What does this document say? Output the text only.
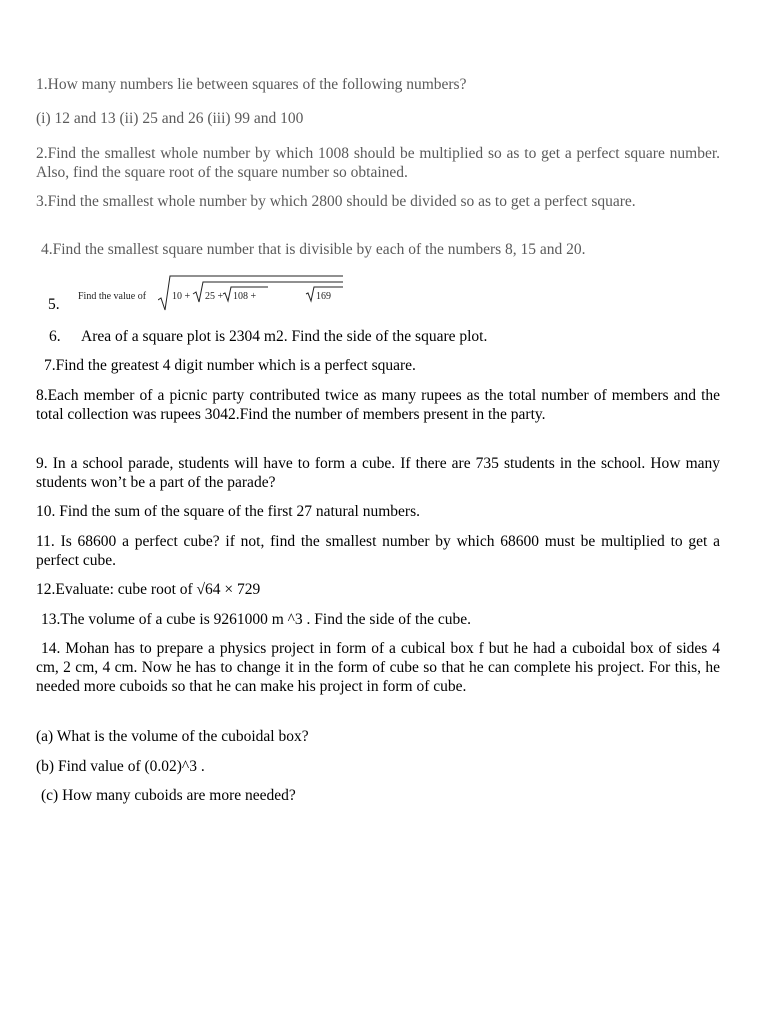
1.How many numbers lie between squares of the following numbers?

(i) 12 and 13 (ii) 25 and 26 (iii) 99 and 100

2.Find the smallest whole number by which 1008 should be multiplied so as to get a perfect square number. Also, find the square root of the square number so obtained.

3.Find the smallest whole number by which 2800 should be divided so as to get a perfect square.

4.Find the smallest square number that is divisible by each of the numbers 8, 15 and 20.

5. Find the value of	10 + 25 + 108 +	169
6. Area of a square plot is 2304 m2. Find the side of the square plot.

7.Find the greatest 4 digit number which is a perfect square.

8.Each member of a picnic party contributed twice as many rupees as the total number of members and the total collection was rupees 3042.Find the number of members present in the party.

9. In a school parade, students will have to form a cube. If there are 735 students in the school. How many students won’t be a part of the parade?

10. Find the sum of the square of the first 27 natural numbers.

11. Is 68600 a perfect cube? if not, find the smallest number by which 68600 must be multiplied to get a perfect cube.

12.Evaluate: cube root of √64 × 729

13.The volume of a cube is 9261000 m ^3 . Find the side of the cube.

14. Mohan has to prepare a physics project in form of a cubical box f but he had a cuboidal box of sides 4 cm, 2 cm, 4 cm. Now he has to change it in the form of cube so that he can complete his project. For this, he needed more cuboids so that he can make his project in form of cube.

(a) What is the volume of the cuboidal box?

(b) Find value of (0.02)^3 .

(c) How many cuboids are more needed?
